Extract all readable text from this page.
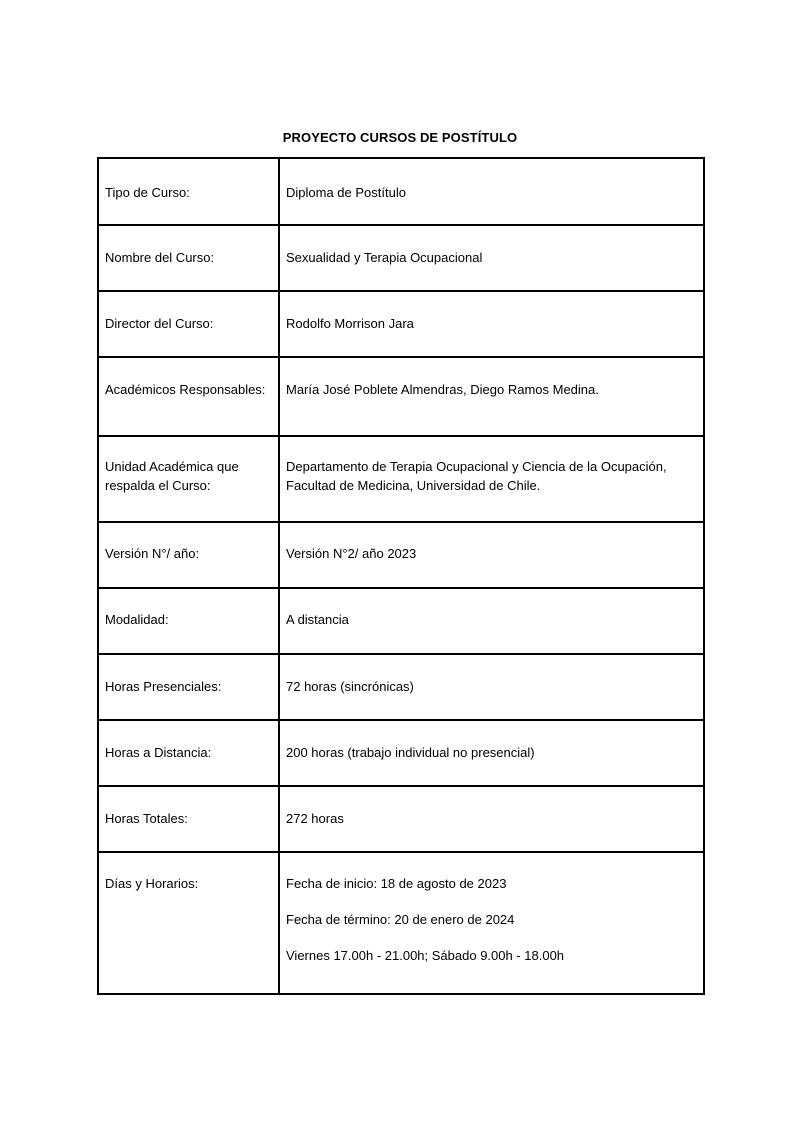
PROYECTO CURSOS DE POSTÍTULO
Tipo de Curso:	Diploma de Postítulo

Nombre del Curso:	Sexualidad y Terapia Ocupacional

Director del Curso:	Rodolfo Morrison Jara

Académicos Responsables:	María José Poblete Almendras, Diego Ramos Medina.

Unidad Académica que respalda el Curso:	Departamento de Terapia Ocupacional y Ciencia de la Ocupación, Facultad de Medicina, Universidad de Chile.

Versión N°/ año:	Versión N°2/ año 2023

Modalidad:	A distancia

Horas Presenciales:	72 horas (sincrónicas)

Horas a Distancia:	200 horas (trabajo individual no presencial)

Horas Totales:	272 horas

Días y Horarios:	Fecha de inicio: 18 de agosto de 2023

Fecha de término: 20 de enero de 2024

Viernes 17.00h - 21.00h; Sábado 9.00h - 18.00h
